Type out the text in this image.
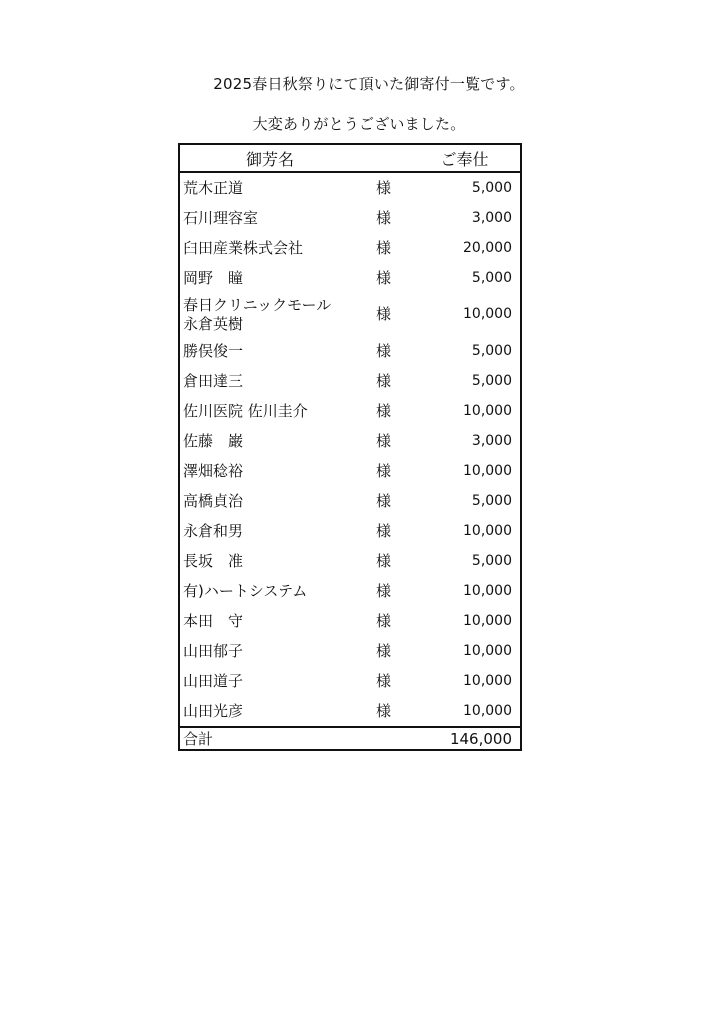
2025春日秋祭りにて頂いた御寄付一覧です。
大変ありがとうございました。
御芳名		ご奉仕
荒木正道	様	5,000
石川理容室	様	3,000
臼田産業株式会社	様	20,000
岡野　瞳	様	5,000
春日クリニックモール
永倉英樹	様	10,000
勝俣俊一	様	5,000
倉田達三	様	5,000
佐川医院 佐川圭介	様	10,000
佐藤　巌	様	3,000
澤畑稔裕	様	10,000
高橋貞治	様	5,000
永倉和男	様	10,000
長坂　准	様	5,000
有)ハートシステム	様	10,000
本田　守	様	10,000
山田郁子	様	10,000
山田道子	様	10,000
山田光彦	様	10,000
合計		146,000
